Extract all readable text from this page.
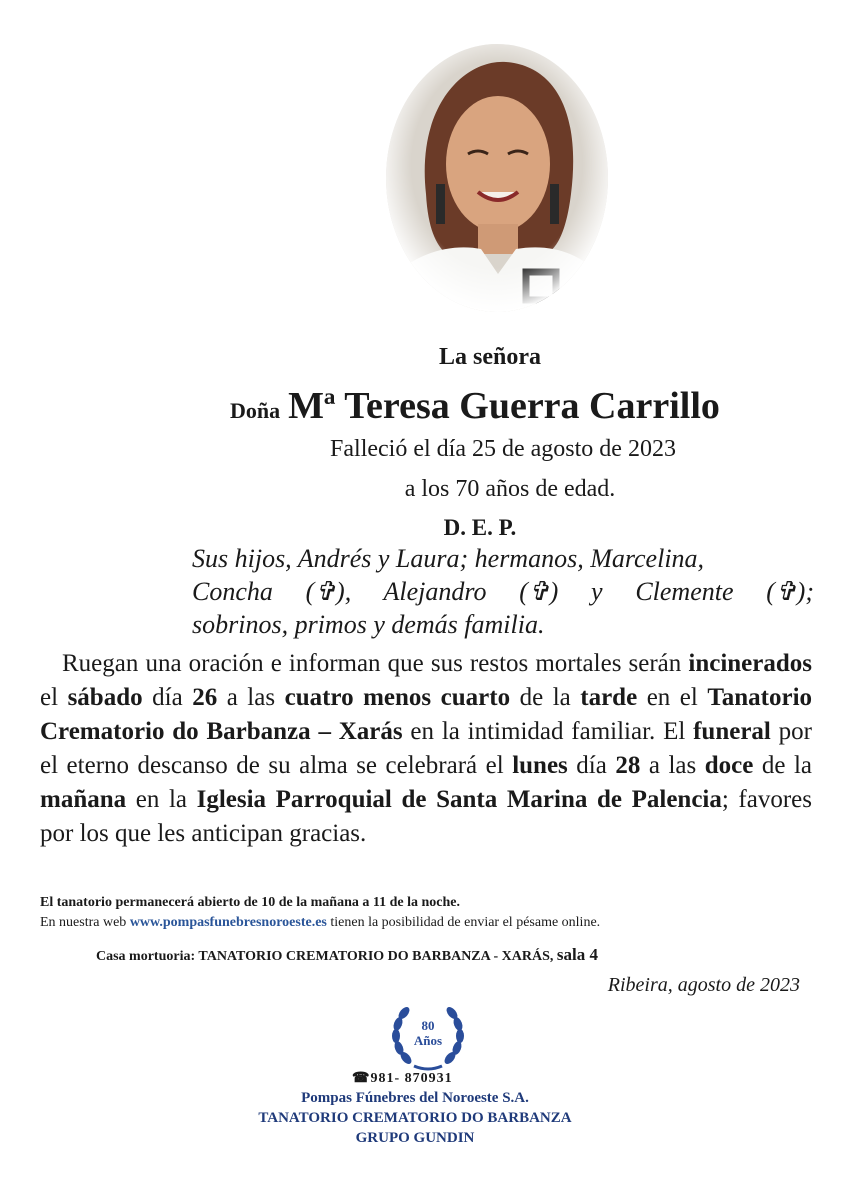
La señora
Doña Mª Teresa Guerra Carrillo
Falleció el día 25 de agosto de 2023
a los 70 años de edad.
D. E. P.
Sus hijos, Andrés y Laura; hermanos, Marcelina,
Concha (✞), Alejandro (✞) y Clemente (✞);
sobrinos, primos y demás familia.
Ruegan una oración e informan que sus restos mortales serán incinerados el sábado día 26 a las cuatro menos cuarto de la tarde en el Tanatorio Crematorio do Barbanza – Xarás en la intimidad familiar. El funeral por el eterno descanso de su alma se celebrará el lunes día 28 a las doce de la mañana en la Iglesia Parroquial de Santa Marina de Palencia; favores por los que les anticipan gracias.
El tanatorio permanecerá abierto de 10 de la mañana a 11 de la noche.
En nuestra web www.pompasfunebresnoroeste.es tienen la posibilidad de enviar el pésame online.
Casa mortuoria: TANATORIO CREMATORIO DO BARBANZA - XARÁS, sala 4
Ribeira, agosto de 2023
80
Años
☎981- 870931
Pompas Fúnebres del Noroeste S.A.
TANATORIO CREMATORIO DO BARBANZA
GRUPO GUNDIN
